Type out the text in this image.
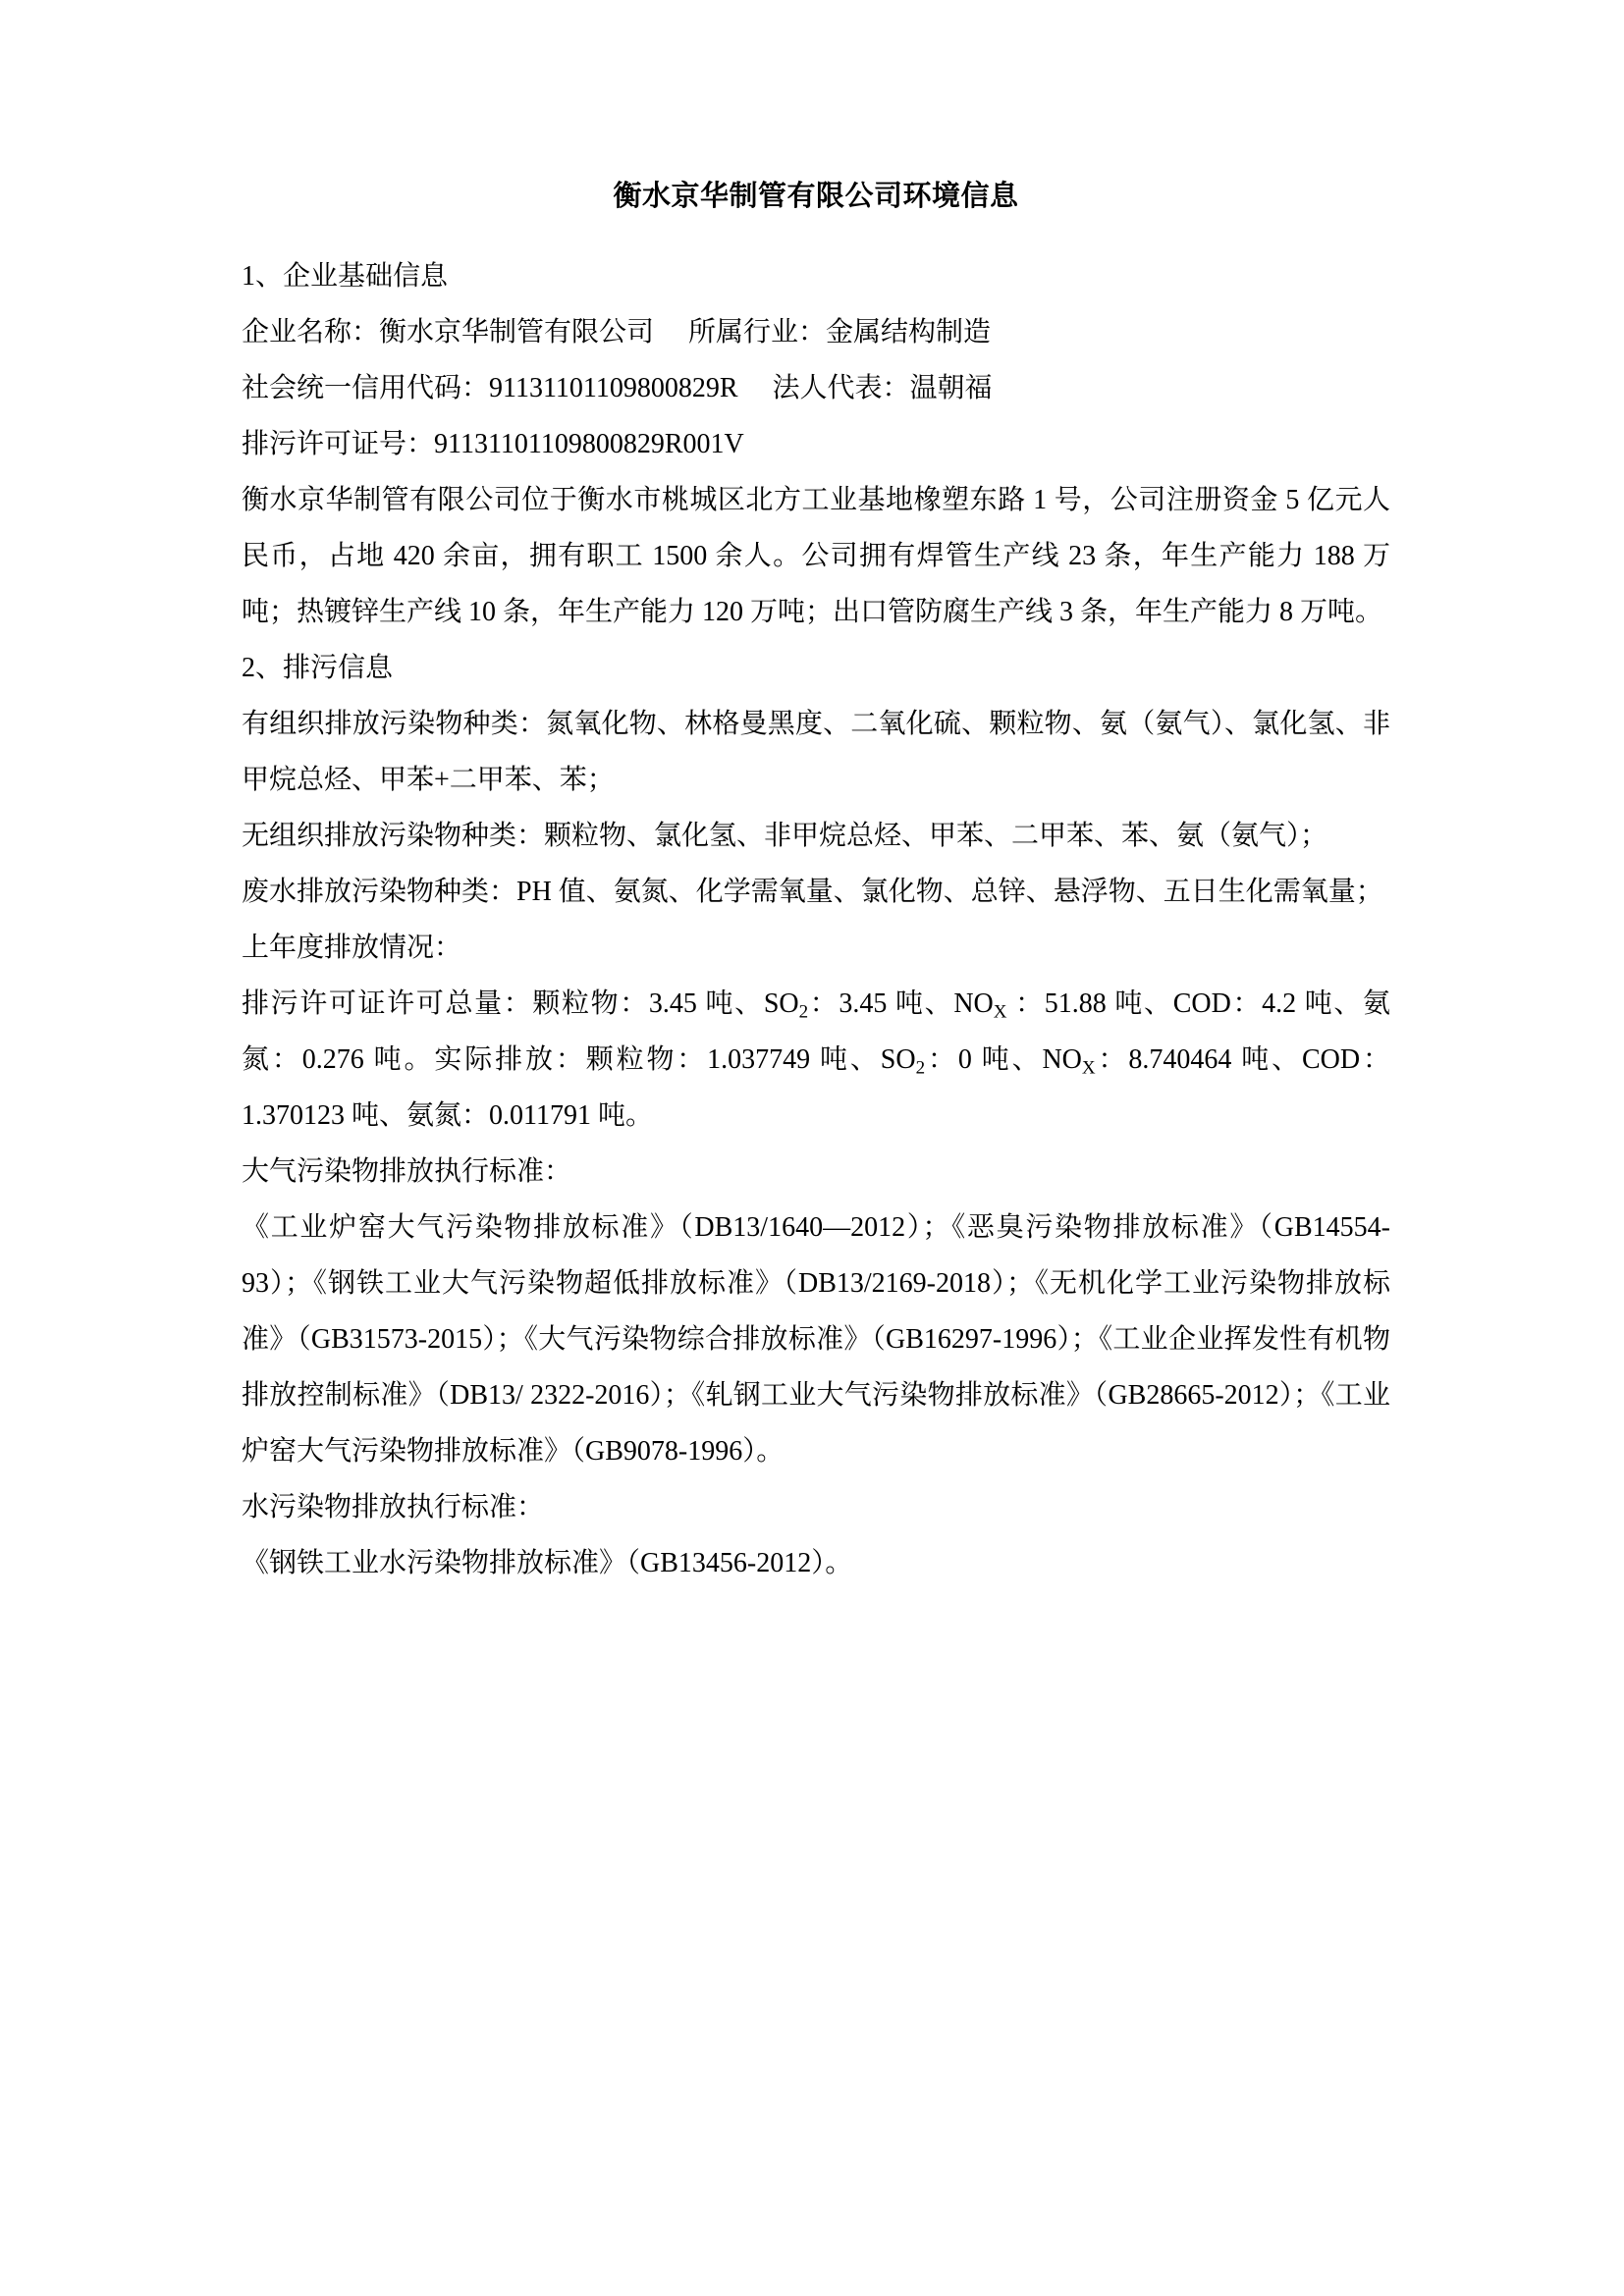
衡水京华制管有限公司环境信息

1、企业基础信息

企业名称：衡水京华制管有限公司     所属行业：金属结构制造

社会统一信用代码：91131101109800829R     法人代表：温朝福

排污许可证号：91131101109800829R001V

衡水京华制管有限公司位于衡水市桃城区北方工业基地橡塑东路 1 号，公司注册资金 5 亿元人民币，占地 420 余亩，拥有职工 1500 余人。公司拥有焊管生产线 23 条，年生产能力 188 万吨；热镀锌生产线 10 条，年生产能力 120 万吨；出口管防腐生产线 3 条，年生产能力 8 万吨。

2、排污信息

有组织排放污染物种类：氮氧化物、林格曼黑度、二氧化硫、颗粒物、氨（氨气）、氯化氢、非甲烷总烃、甲苯+二甲苯、苯；

无组织排放污染物种类：颗粒物、氯化氢、非甲烷总烃、甲苯、二甲苯、苯、氨（氨气）；

废水排放污染物种类：PH 值、氨氮、化学需氧量、氯化物、总锌、悬浮物、五日生化需氧量；

上年度排放情况：

排污许可证许可总量：颗粒物：3.45 吨、$SO_2$：3.45 吨、$NO_X$ ：51.88 吨、COD：4.2 吨、氨氮：0.276 吨。实际排放：颗粒物：1.037749 吨、$SO_2$：0 吨、$NO_X$：8.740464 吨、COD：1.370123 吨、氨氮：0.011791 吨。

大气污染物排放执行标准：

《工业炉窑大气污染物排放标准》（DB13/1640—2012）；《恶臭污染物排放标准》（GB14554-93）；《钢铁工业大气污染物超低排放标准》（DB13/2169-2018）；《无机化学工业污染物排放标准》（GB31573-2015）；《大气污染物综合排放标准》（GB16297-1996）；《工业企业挥发性有机物排放控制标准》（DB13/ 2322-2016）；《轧钢工业大气污染物排放标准》（GB28665-2012）；《工业炉窑大气污染物排放标准》（GB9078-1996）。

水污染物排放执行标准：

《钢铁工业水污染物排放标准》（GB13456-2012）。
